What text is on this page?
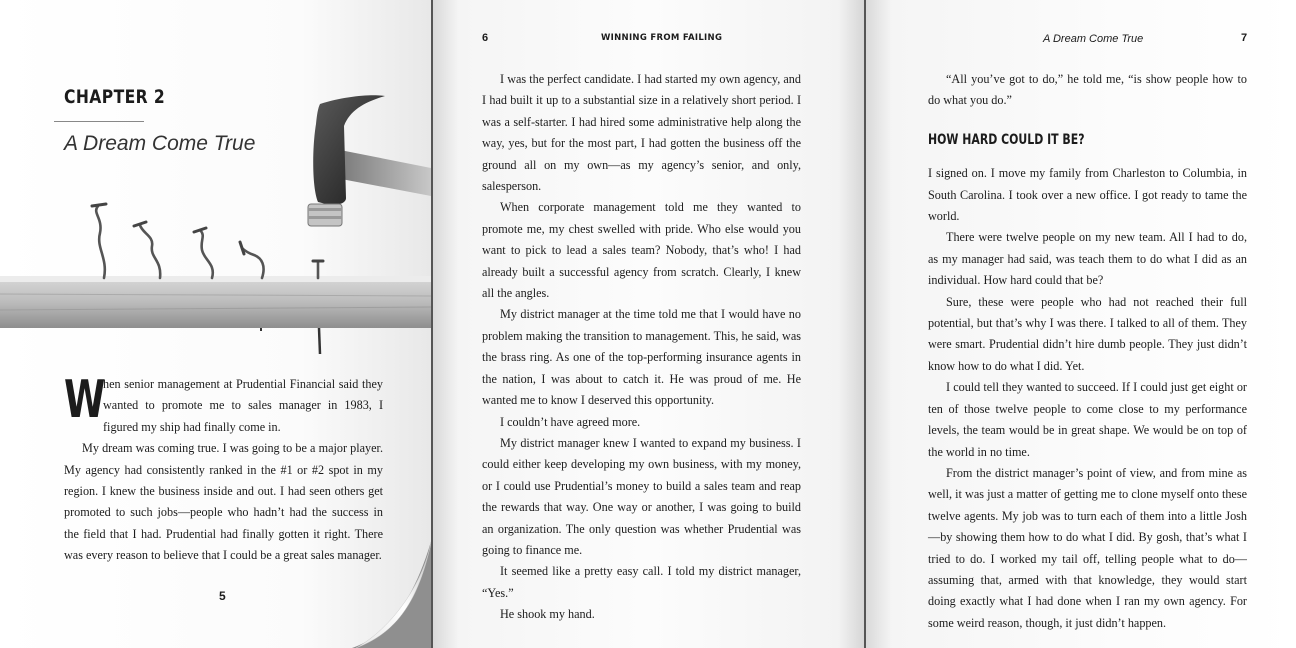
CHAPTER 2
A Dream Come True

W
hen senior management at Prudential Financial said they wanted to promote me to sales manager in 1983, I figured my ship had finally come in.

My dream was coming true. I was going to be a major player. My agency had consistently ranked in the #1 or #2 spot in my region. I knew the business inside and out. I had seen others get promoted to such jobs—people who hadn’t had the success in the field that I had. Prudential had finally gotten it right. There was every reason to believe that I could be a great sales manager.

5
6	WINNING FROM FAILING

I was the perfect candidate. I had started my own agency, and I had built it up to a substantial size in a relatively short period. I was a self-starter. I had hired some administrative help along the way, yes, but for the most part, I had gotten the business off the ground all on my own—as my agency’s senior, and only, salesperson.

When corporate management told me they wanted to promote me, my chest swelled with pride. Who else would you want to pick to lead a sales team? Nobody, that’s who! I had already built a successful agency from scratch. Clearly, I knew all the angles.

My district manager at the time told me that I would have no problem making the transition to management. This, he said, was the brass ring. As one of the top-performing insurance agents in the nation, I was about to catch it. He was proud of me. He wanted me to know I deserved this opportunity.

I couldn’t have agreed more.

My district manager knew I wanted to expand my business. I could either keep developing my own business, with my money, or I could use Prudential’s money to build a sales team and reap the rewards that way. One way or another, I was going to build an organization. The only question was whether Prudential was going to finance me.

It seemed like a pretty easy call. I told my district manager, “Yes.”

He shook my hand.

A Dream Come True	7

“All you’ve got to do,” he told me, “is show people how to do what you do.”

HOW HARD COULD IT BE?

I signed on. I move my family from Charleston to Columbia, in South Carolina. I took over a new office. I got ready to tame the world.

There were twelve people on my new team. All I had to do, as my manager had said, was teach them to do what I did as an individual. How hard could that be?

Sure, these were people who had not reached their full potential, but that’s why I was there. I talked to all of them. They were smart. Prudential didn’t hire dumb people. They just didn’t know how to do what I did. Yet.

I could tell they wanted to succeed. If I could just get eight or ten of those twelve people to come close to my performance levels, the team would be in great shape. We would be on top of the world in no time.

From the district manager’s point of view, and from mine as well, it was just a matter of getting me to clone myself onto these twelve agents. My job was to turn each of them into a little Josh—by showing them how to do what I did. By gosh, that’s what I tried to do. I worked my tail off, telling people what to do—assuming that, armed with that knowledge, they would start doing exactly what I had done when I ran my own agency. For some weird reason, though, it just didn’t happen.
